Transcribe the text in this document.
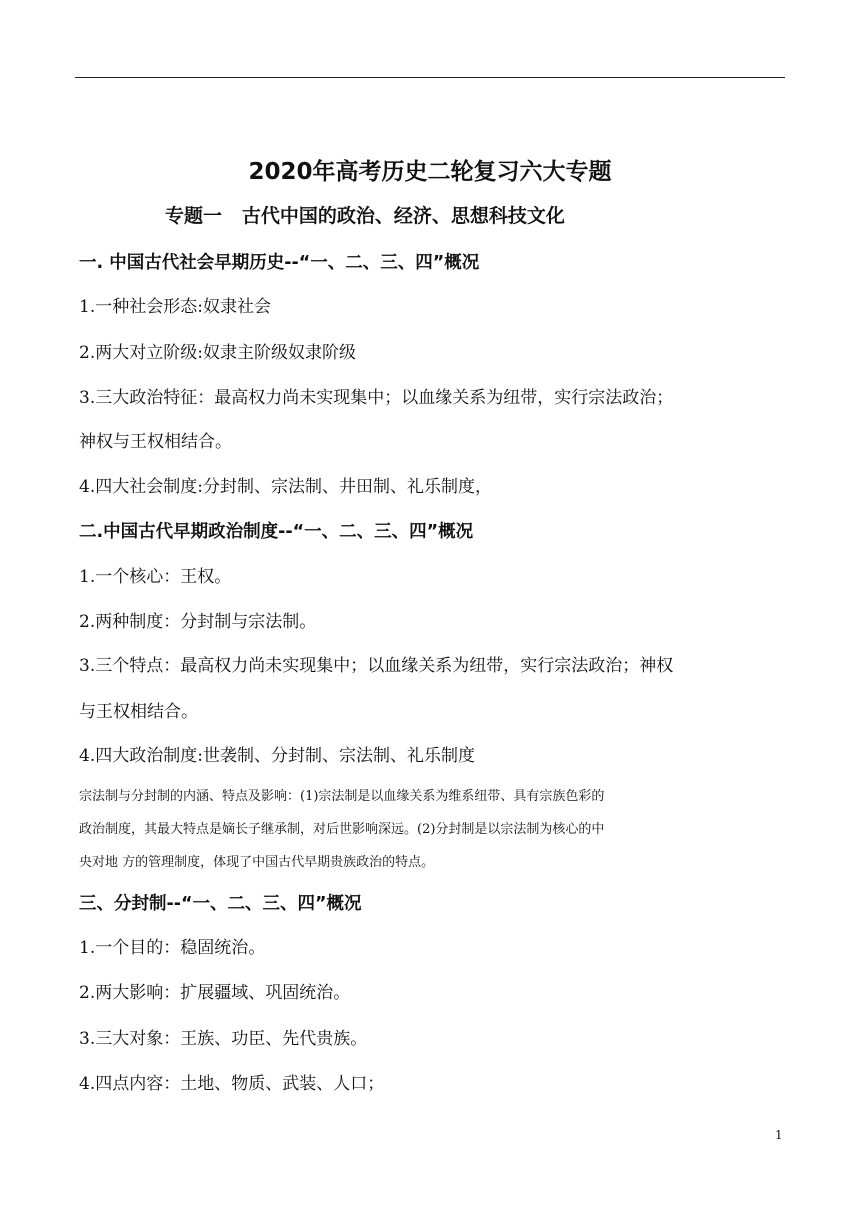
2020年高考历史二轮复习六大专题
专题一   古代中国的政治、经济、思想科技文化
一. 中国古代社会早期历史--“一、二、三、四”概况

1.一种社会形态:奴隶社会

2.两大对立阶级:奴隶主阶级奴隶阶级

3.三大政治特征：最高权力尚未实现集中；以血缘关系为纽带，实行宗法政治；

神权与王权相结合。

4.四大社会制度:分封制、宗法制、井田制、礼乐制度，

二.中国古代早期政治制度--“一、二、三、四”概况

1.一个核心：王权。

2.两种制度：分封制与宗法制。

3.三个特点：最高权力尚未实现集中；以血缘关系为纽带，实行宗法政治；神权

与王权相结合。

4.四大政治制度:世袭制、分封制、宗法制、礼乐制度

宗法制与分封制的内涵、特点及影响：(1)宗法制是以血缘关系为维系纽带、具有宗族色彩的

政治制度，其最大特点是嫡长子继承制，对后世影响深远。(2)分封制是以宗法制为核心的中

央对地 方的管理制度，体现了中国古代早期贵族政治的特点。

三、分封制--“一、二、三、四”概况

1.一个目的：稳固统治。

2.两大影响：扩展疆域、巩固统治。

3.三大对象：王族、功臣、先代贵族。

4.四点内容：土地、物质、武装、人口；

1
